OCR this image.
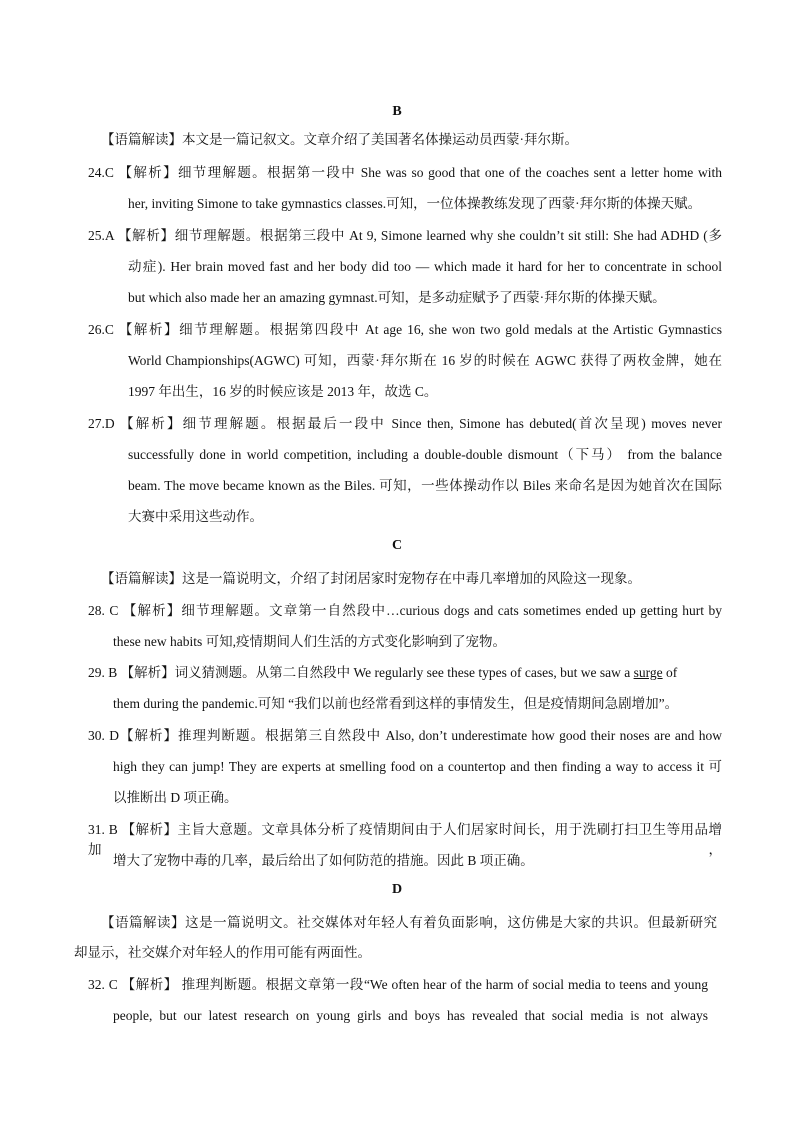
B
【语篇解读】本文是一篇记叙文。文章介绍了美国著名体操运动员西蒙·拜尔斯。
24.C 【解析】细节理解题。根据第一段中 She was so good that one of the coaches sent a letter home with
her, inviting Simone to take gymnastics classes.可知，一位体操教练发现了西蒙·拜尔斯的体操天赋。
25.A 【解析】细节理解题。根据第三段中 At 9, Simone learned why she couldn’t sit still: She had ADHD (多
动症). Her brain moved fast and her body did too — which made it hard for her to concentrate in school
but which also made her an amazing gymnast.可知，是多动症赋予了西蒙·拜尔斯的体操天赋。
26.C 【解析】细节理解题。根据第四段中 At age 16, she won two gold medals at the Artistic Gymnastics
World Championships(AGWC) 可知，西蒙·拜尔斯在 16 岁的时候在 AGWC 获得了两枚金牌，她在
1997 年出生，16 岁的时候应该是 2013 年，故选 C。
27.D 【解析】细节理解题。根据最后一段中 Since then, Simone has debuted(首次呈现) moves never
successfully done in world competition, including a double-double dismount（下马） from the balance
beam. The move became known as the Biles. 可知，一些体操动作以 Biles 来命名是因为她首次在国际
大赛中采用这些动作。
C
【语篇解读】这是一篇说明文，介绍了封闭居家时宠物存在中毒几率增加的风险这一现象。
28. C 【解析】细节理解题。文章第一自然段中…curious dogs and cats sometimes ended up getting hurt by
these new habits 可知,疫情期间人们生活的方式变化影响到了宠物。
29. B 【解析】词义猜测题。从第二自然段中 We regularly see these types of cases, but we saw a surge of
them during the pandemic.可知 “我们以前也经常看到这样的事情发生，但是疫情期间急剧增加”。
30. D【解析】推理判断题。根据第三自然段中 Also, don’t underestimate how good their noses are and how
high they can jump! They are experts at smelling food on a countertop and then finding a way to access it 可
以推断出 D 项正确。
31. B 【解析】主旨大意题。文章具体分析了疫情期间由于人们居家时间长，用于洗刷打扫卫生等用品增加，
增大了宠物中毒的几率，最后给出了如何防范的措施。因此 B 项正确。
D
【语篇解读】这是一篇说明文。社交媒体对年轻人有着负面影响，这仿佛是大家的共识。但最新研究
却显示，社交媒介对年轻人的作用可能有两面性。
32. C 【解析】 推理判断题。根据文章第一段“We often hear of the harm of social media to teens and young
people, but our latest research on young girls and boys has revealed that social media is not always
